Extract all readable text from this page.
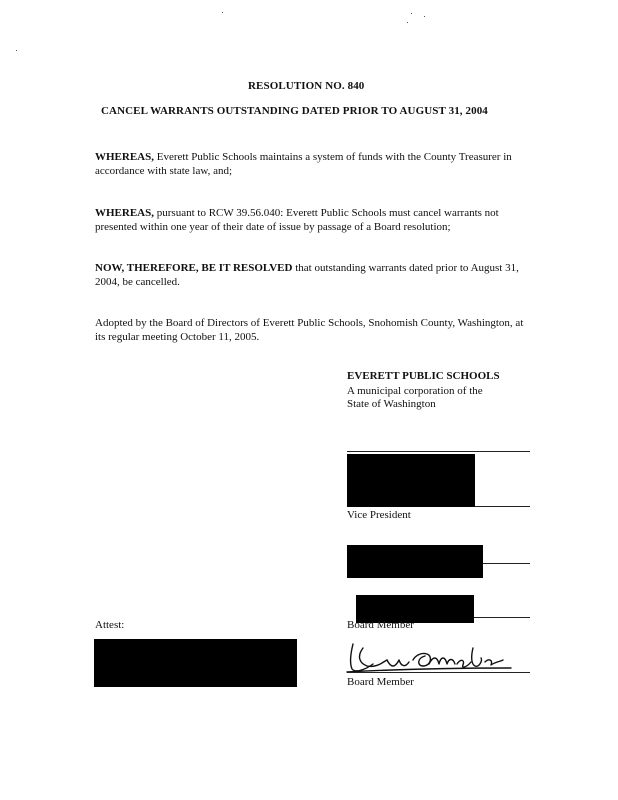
RESOLUTION NO. 840
CANCEL WARRANTS OUTSTANDING DATED PRIOR TO AUGUST 31, 2004
WHEREAS, Everett Public Schools maintains a system of funds with the County Treasurer in accordance with state law, and;
WHEREAS, pursuant to RCW 39.56.040: Everett Public Schools must cancel warrants not presented within one year of their date of issue by passage of a Board resolution;
NOW, THEREFORE, BE IT RESOLVED that outstanding warrants dated prior to August 31, 2004, be cancelled.
Adopted by the Board of Directors of Everett Public Schools, Snohomish County, Washington, at its regular meeting October 11, 2005.
EVERETT PUBLIC SCHOOLS
A municipal corporation of the
State of Washington
Vice President
Board Member
Attest:
Board Member
